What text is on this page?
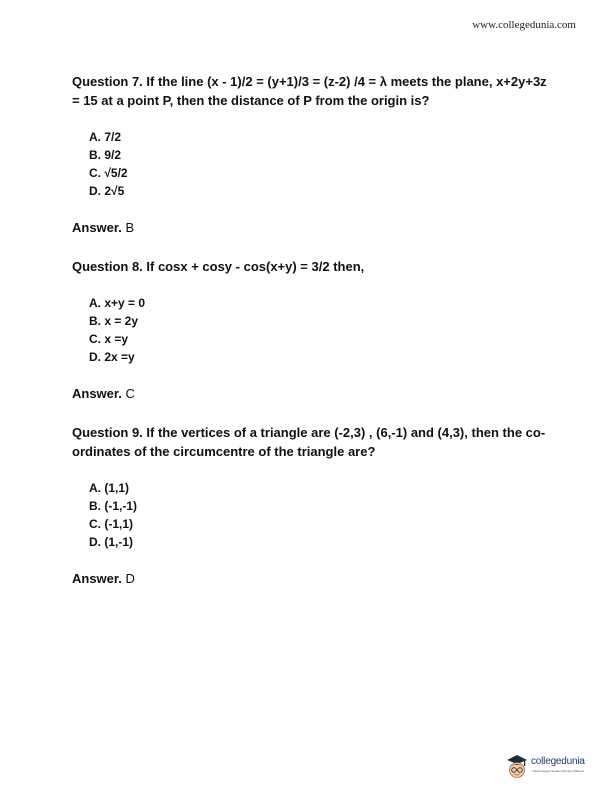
www.collegedunia.com

Question 7. If the line (x - 1)/2 = (y+1)/3 = (z-2) /4 = λ meets the plane, x+2y+3z = 15 at a point P, then the distance of P from the origin is?

A. 7/2
B. 9/2
C. √5/2
D. 2√5
Answer. B

Question 8. If cosx + cosy - cos(x+y) = 3/2 then,

A. x+y = 0
B. x = 2y
C. x =y
D. 2x =y
Answer. C

Question 9. If the vertices of a triangle are (-2,3) , (6,-1) and (4,3), then the co-ordinates of the circumcentre of the triangle are?

A. (1,1)
B. (-1,-1)
C. (-1,1)
D. (1,-1)
Answer. D
collegedunia
India's largest Student Review Platform
